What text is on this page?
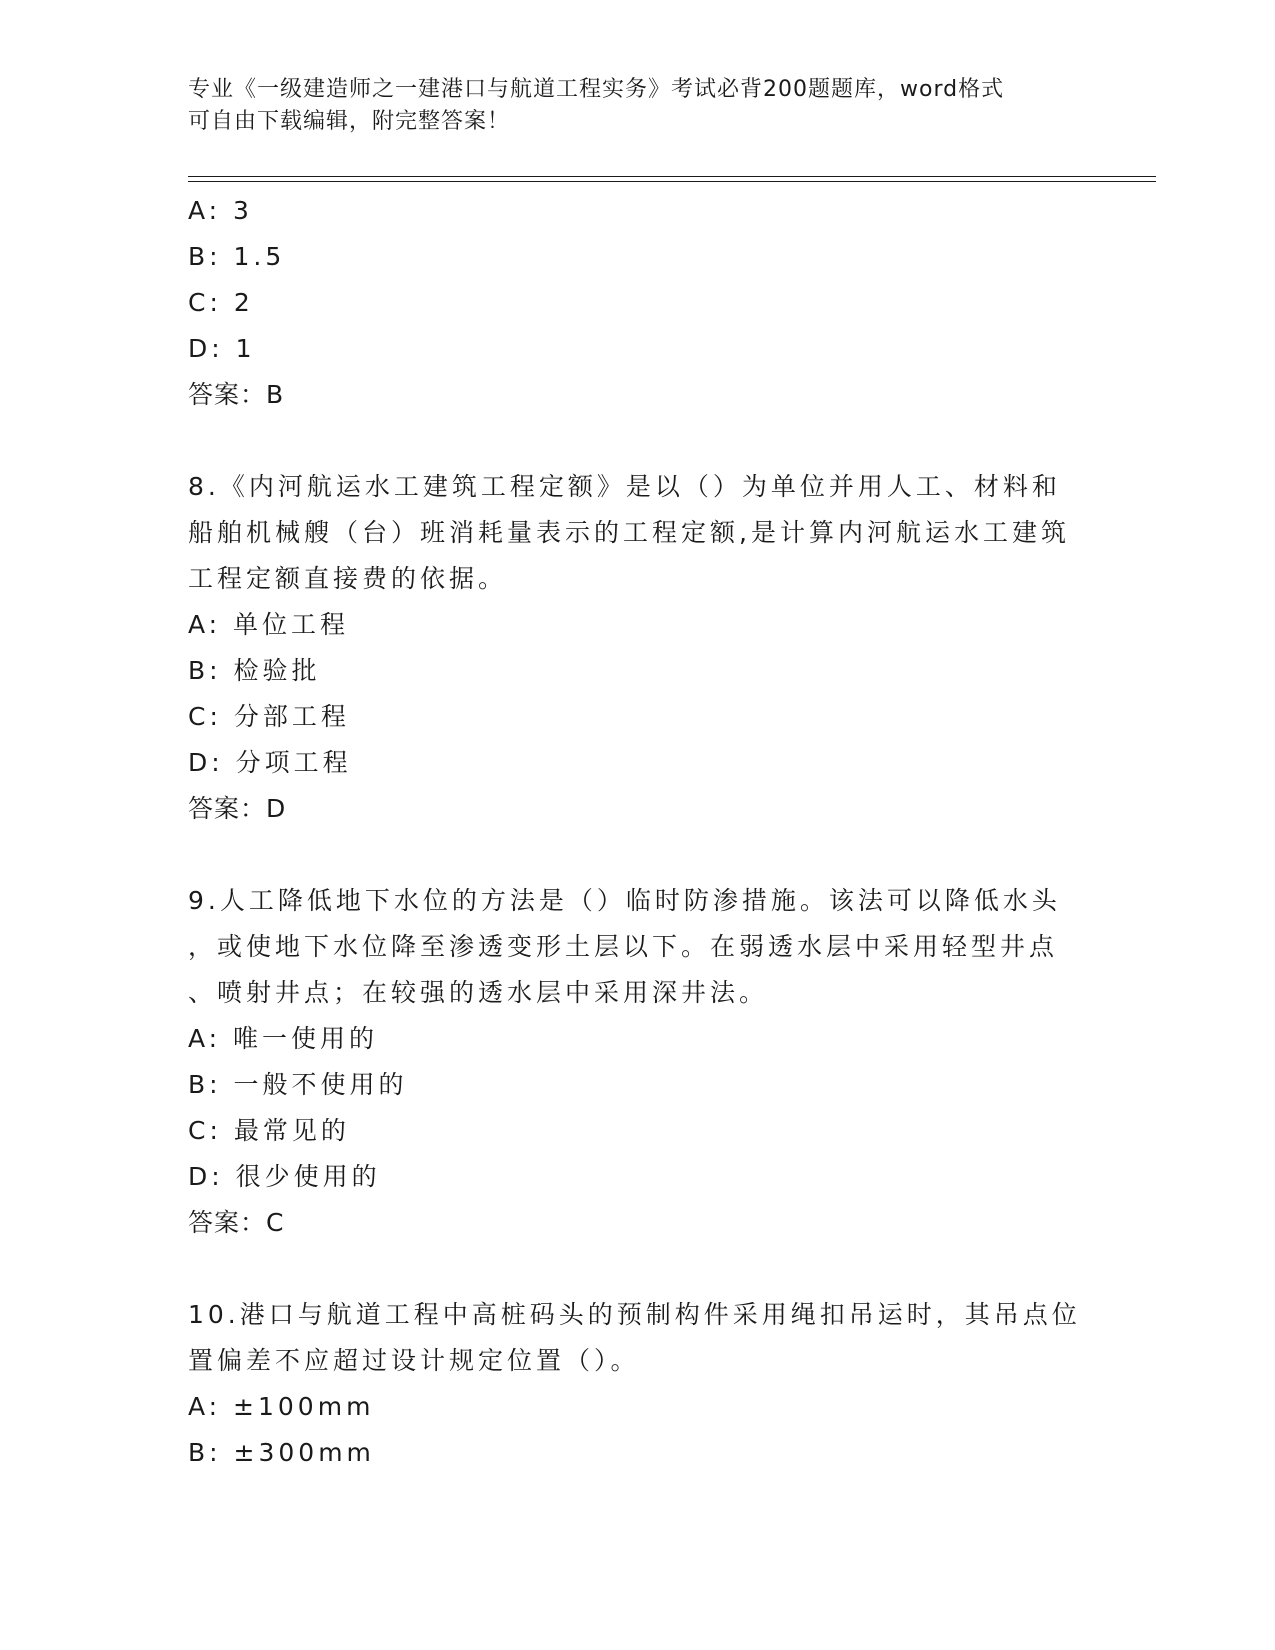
专业《一级建造师之一建港口与航道工程实务》考试必背200题题库，word格式
可自由下载编辑，附完整答案！
A: 3
B: 1.5
C: 2
D: 1
答案：B
8.《内河航运水工建筑工程定额》是以（）为单位并用人工、材料和
船舶机械艘（台）班消耗量表示的工程定额,是计算内河航运水工建筑
工程定额直接费的依据。
A: 单位工程
B: 检验批
C: 分部工程
D: 分项工程
答案：D
9.人工降低地下水位的方法是（）临时防渗措施。该法可以降低水头
，或使地下水位降至渗透变形土层以下。在弱透水层中采用轻型井点
、喷射井点；在较强的透水层中采用深井法。
A: 唯一使用的
B: 一般不使用的
C: 最常见的
D: 很少使用的
答案：C
10.港口与航道工程中高桩码头的预制构件采用绳扣吊运时，其吊点位
置偏差不应超过设计规定位置（）。
A: ±100mm
B: ±300mm
